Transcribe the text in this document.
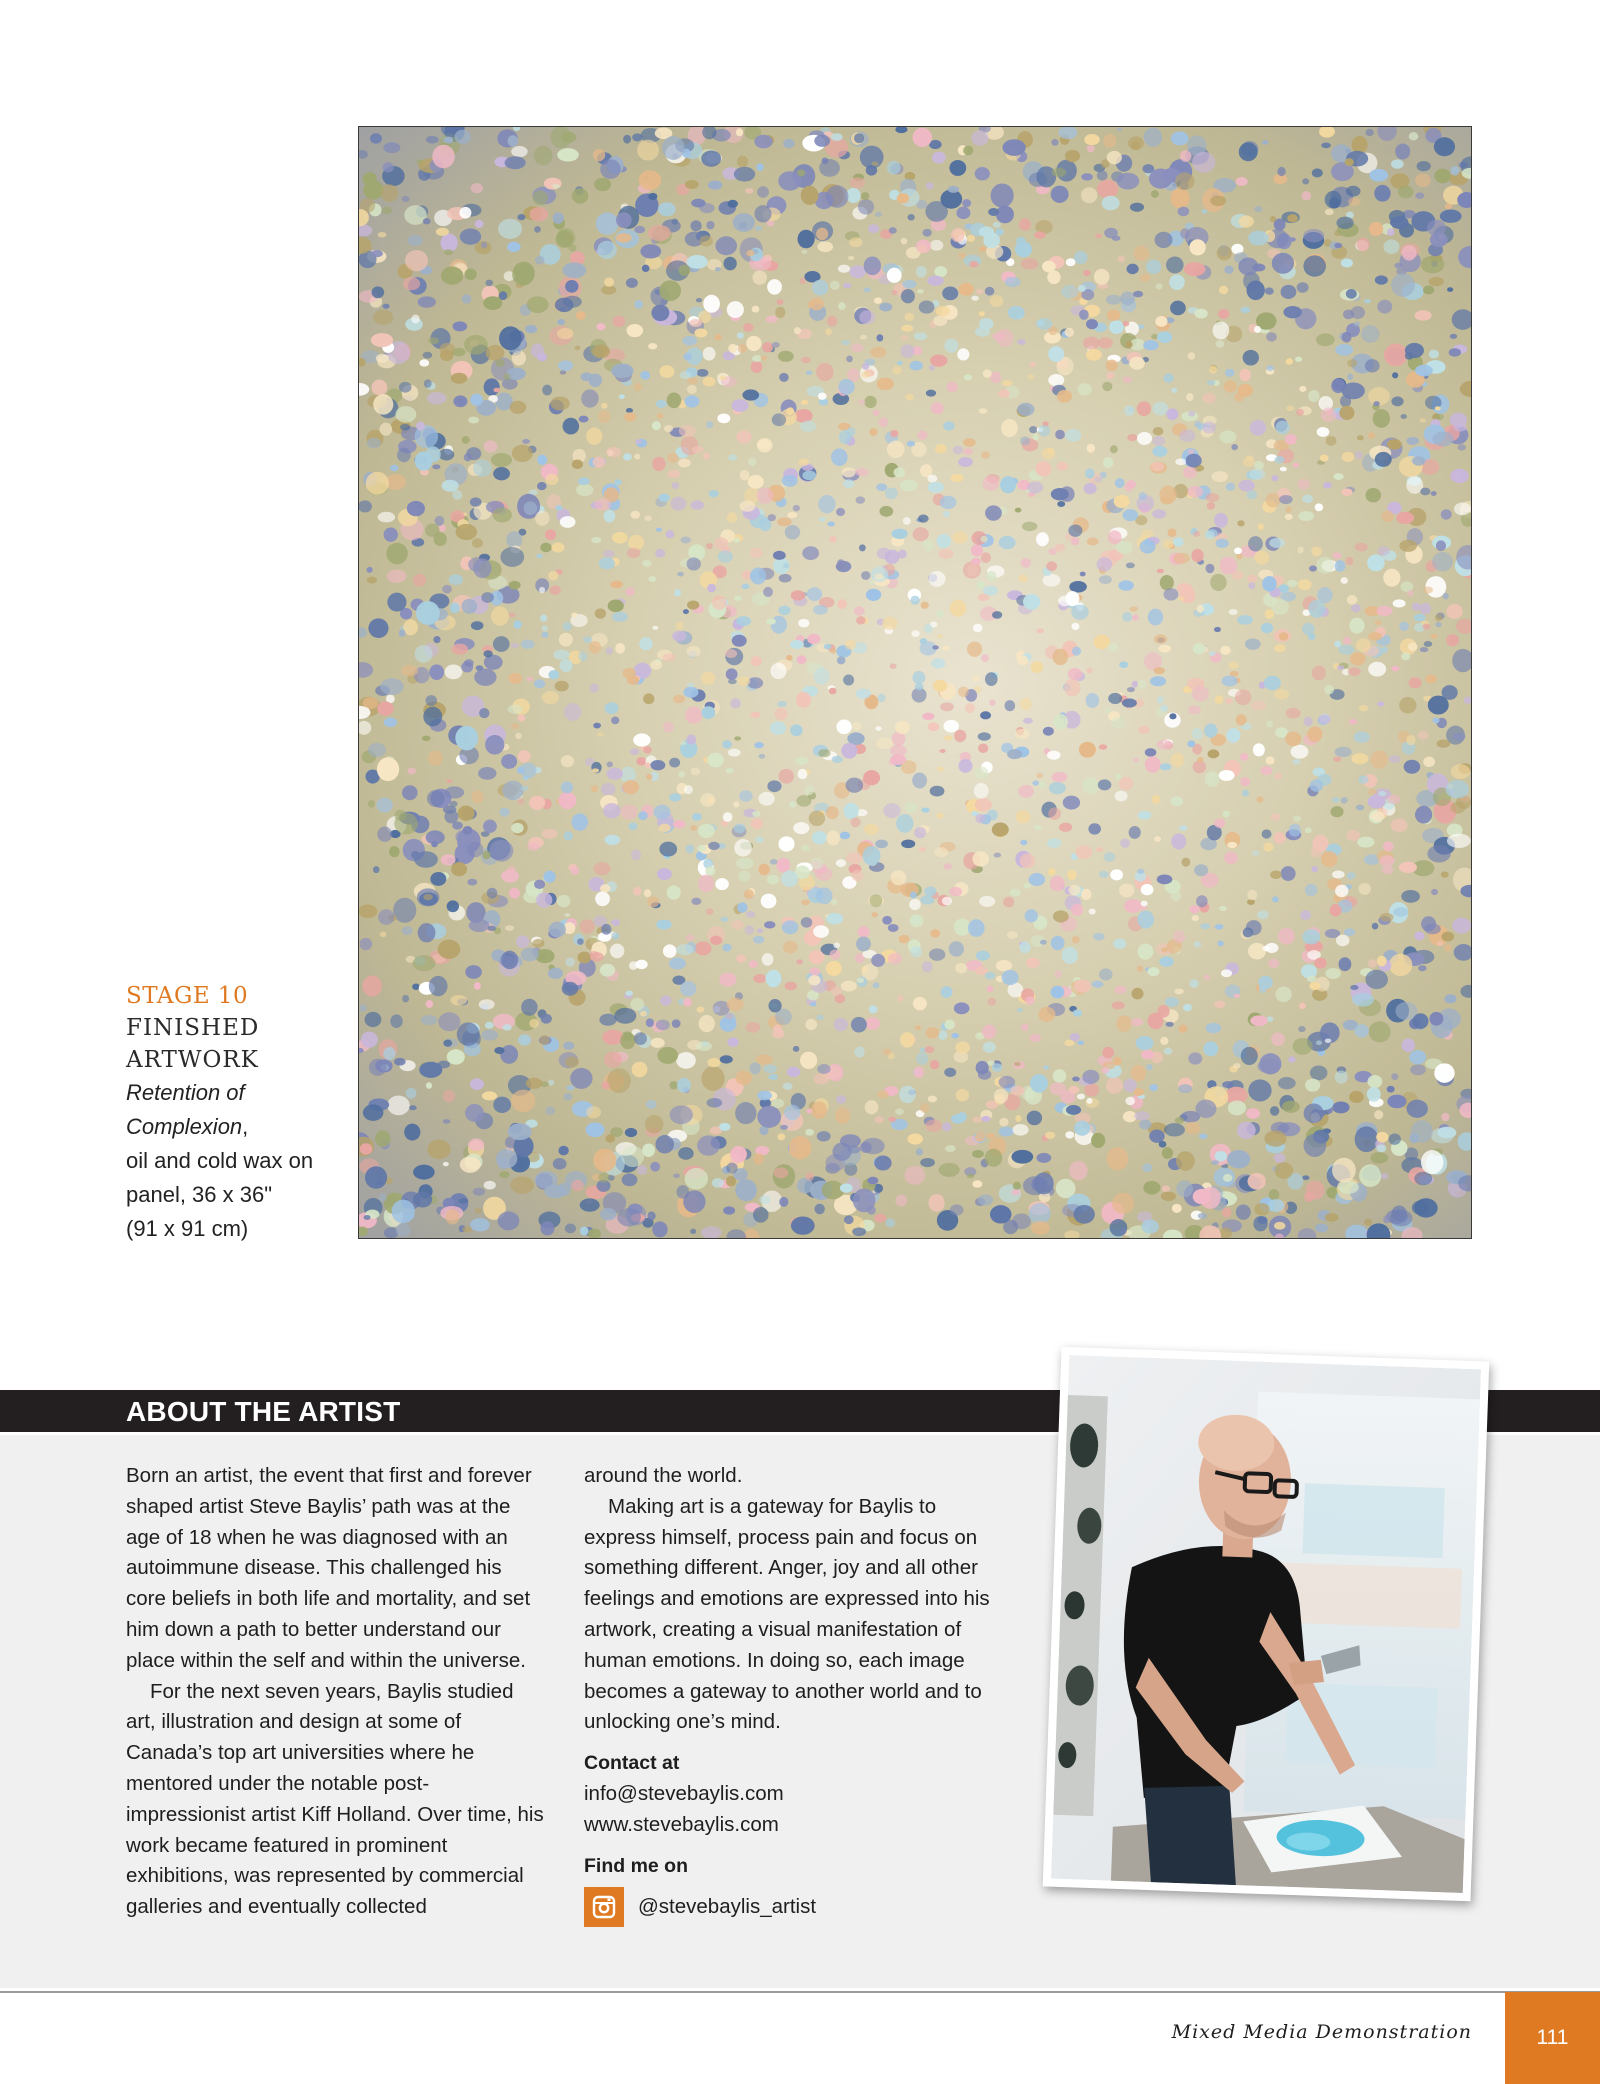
STAGE 10
FINISHED
ARTWORK
Retention of
Complexion,
oil and cold wax on
panel, 36 x 36"
(91 x 91 cm)
ABOUT THE ARTIST

Born an artist, the event that first and forever shaped artist Steve Baylis’ path was at the age of 18 when he was diagnosed with an autoimmune disease. This challenged his core beliefs in both life and mortality, and set him down a path to better understand our place within the self and within the universe.

For the next seven years, Baylis studied art, illustration and design at some of Canada’s top art universities where he mentored under the notable post-impressionist artist Kiff Holland. Over time, his work became featured in prominent exhibitions, was represented by commercial galleries and eventually collected

around the world.

Making art is a gateway for Baylis to express himself, process pain and focus on something different. Anger, joy and all other feelings and emotions are expressed into his artwork, creating a visual manifestation of human emotions. In doing so, each image becomes a gateway to another world and to unlocking one’s mind.

Contact at

info@stevebaylis.com

www.stevebaylis.com

Find me on

@stevebaylis_artist
Mixed Media Demonstration	111
